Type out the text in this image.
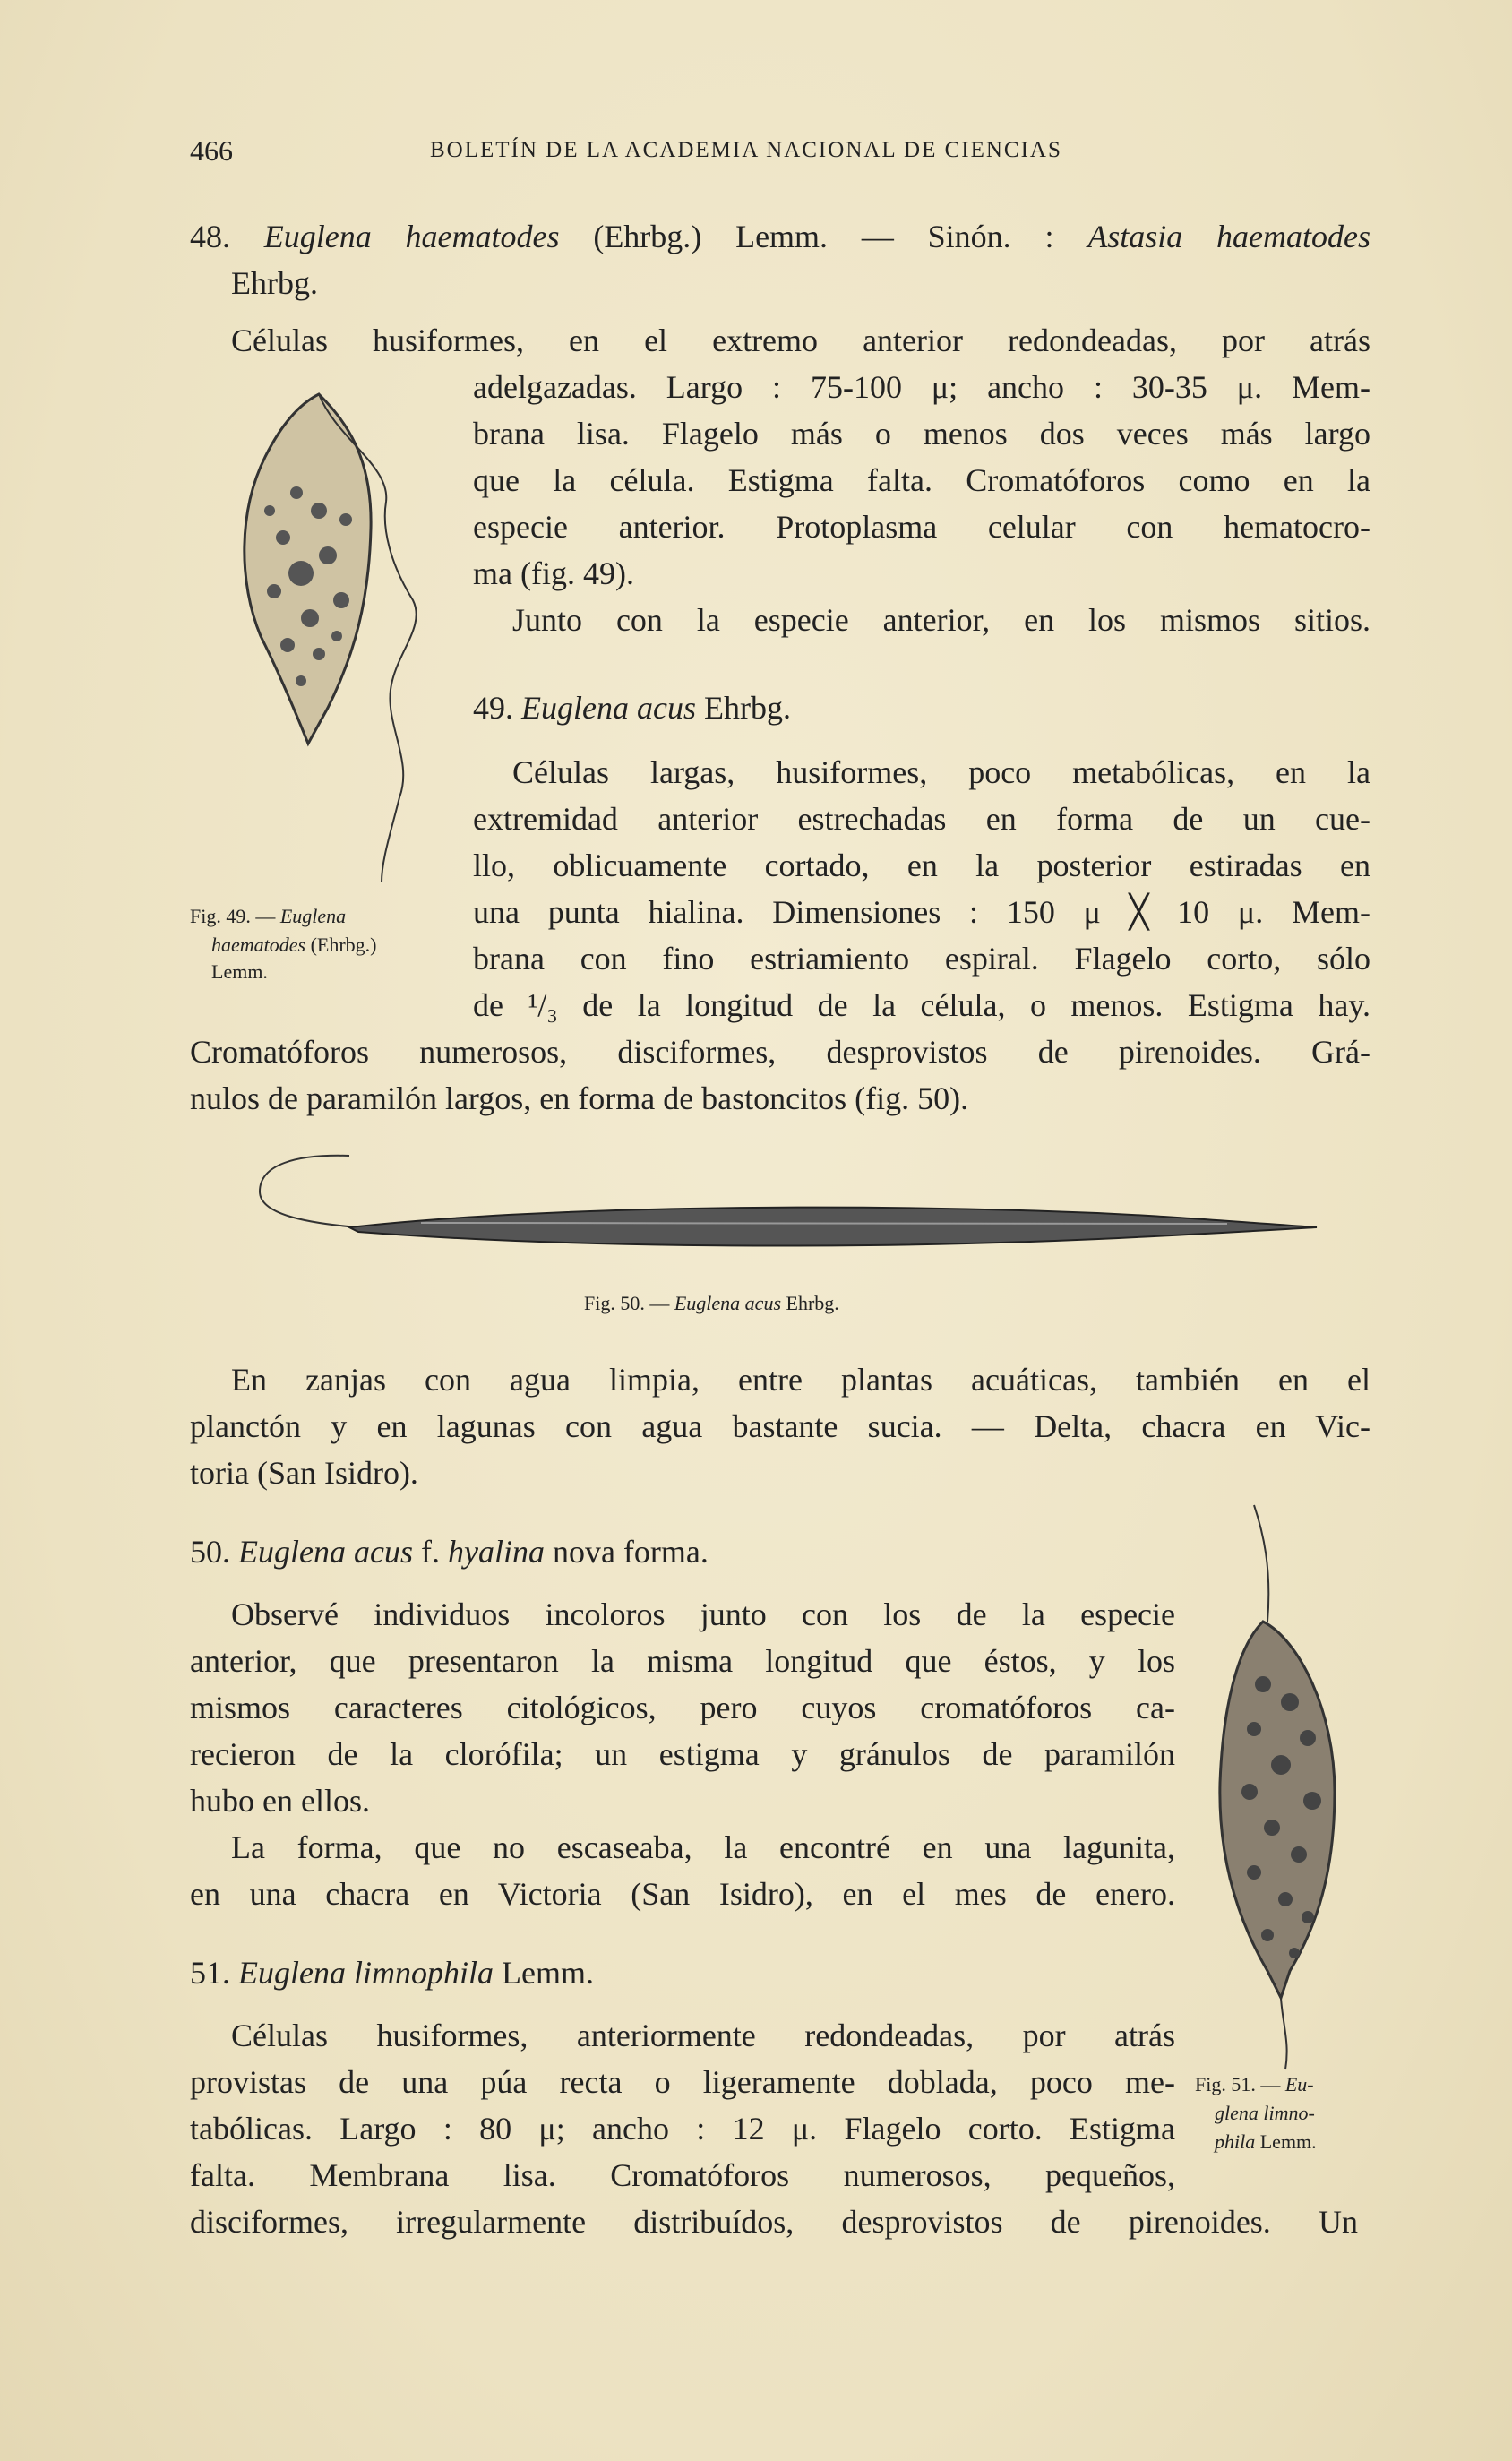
466	BOLETÍN DE LA ACADEMIA NACIONAL DE CIENCIAS
48. Euglena haematodes (Ehrbg.) Lemm. — Sinón. : Astasia haematodes
Ehrbg.
Células husiformes, en el extremo anterior redondeadas, por atrás
adelgazadas. Largo : 75-100 μ; ancho : 30-35 μ. Mem-
brana lisa. Flagelo más o menos dos veces más largo
que la célula. Estigma falta. Cromatóforos como en la
especie anterior. Protoplasma celular con hematocro-
ma (fig. 49).
Junto con la especie anterior, en los mismos sitios.
Fig. 49. — Euglena
haematodes (Ehrbg.)
Lemm.
49. Euglena acus Ehrbg.
Células largas, husiformes, poco metabólicas, en la
extremidad anterior estrechadas en forma de un cue-
llo, oblicuamente cortado, en la posterior estiradas en
una punta hialina. Dimensiones : 150 μ ╳ 10 μ. Mem-
brana con fino estriamiento espiral. Flagelo corto, sólo
de ¹/₃ de la longitud de la célula, o menos. Estigma hay.
Cromatóforos numerosos, disciformes, desprovistos de pirenoides. Grá-
nulos de paramilón largos, en forma de bastoncitos (fig. 50).
Fig. 50. — Euglena acus Ehrbg.
En zanjas con agua limpia, entre plantas acuáticas, también en el
planctón y en lagunas con agua bastante sucia. — Delta, chacra en Vic-
toria (San Isidro).
50. Euglena acus f. hyalina nova forma.
Observé individuos incoloros junto con los de la especie
anterior, que presentaron la misma longitud que éstos, y los
mismos caracteres citológicos, pero cuyos cromatóforos ca-
recieron de la clorófila; un estigma y gránulos de paramilón
hubo en ellos.
La forma, que no escaseaba, la encontré en una lagunita,
en una chacra en Victoria (San Isidro), en el mes de enero.
Fig. 51. — Eu-
glena limno-
phila Lemm.
51. Euglena limnophila Lemm.
Células husiformes, anteriormente redondeadas, por atrás
provistas de una púa recta o ligeramente doblada, poco me-
tabólicas. Largo : 80 μ; ancho : 12 μ. Flagelo corto. Estigma
falta. Membrana lisa. Cromatóforos numerosos, pequeños,
disciformes, irregularmente distribuídos, desprovistos de pirenoides. Un
